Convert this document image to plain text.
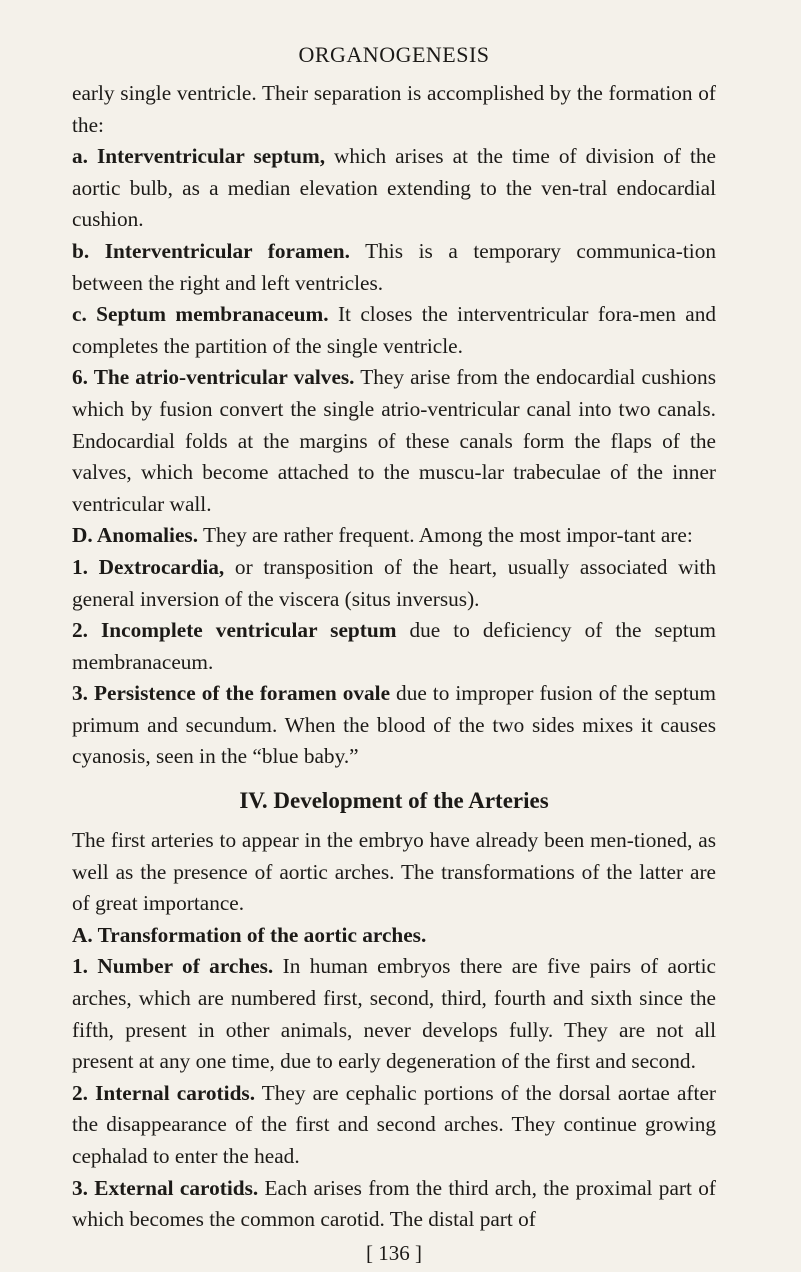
ORGANOGENESIS

early single ventricle. Their separation is accomplished by the formation of the:

a. Interventricular septum, which arises at the time of division of the aortic bulb, as a median elevation extending to the ven-tral endocardial cushion.

b. Interventricular foramen. This is a temporary communica-tion between the right and left ventricles.

c. Septum membranaceum. It closes the interventricular fora-men and completes the partition of the single ventricle.

6. The atrio-ventricular valves. They arise from the endocardial cushions which by fusion convert the single atrio-ventricular canal into two canals. Endocardial folds at the margins of these canals form the flaps of the valves, which become attached to the muscu-lar trabeculae of the inner ventricular wall.

D. Anomalies. They are rather frequent. Among the most impor-tant are:

1. Dextrocardia, or transposition of the heart, usually associated with general inversion of the viscera (situs inversus).

2. Incomplete ventricular septum due to deficiency of the septum membranaceum.

3. Persistence of the foramen ovale due to improper fusion of the septum primum and secundum. When the blood of the two sides mixes it causes cyanosis, seen in the “blue baby.”

IV. Development of the Arteries

The first arteries to appear in the embryo have already been men-tioned, as well as the presence of aortic arches. The transformations of the latter are of great importance.

A. Transformation of the aortic arches.

1. Number of arches. In human embryos there are five pairs of aortic arches, which are numbered first, second, third, fourth and sixth since the fifth, present in other animals, never develops fully. They are not all present at any one time, due to early degeneration of the first and second.

2. Internal carotids. They are cephalic portions of the dorsal aortae after the disappearance of the first and second arches. They continue growing cephalad to enter the head.

3. External carotids. Each arises from the third arch, the proximal part of which becomes the common carotid. The distal part of

[ 136 ]
